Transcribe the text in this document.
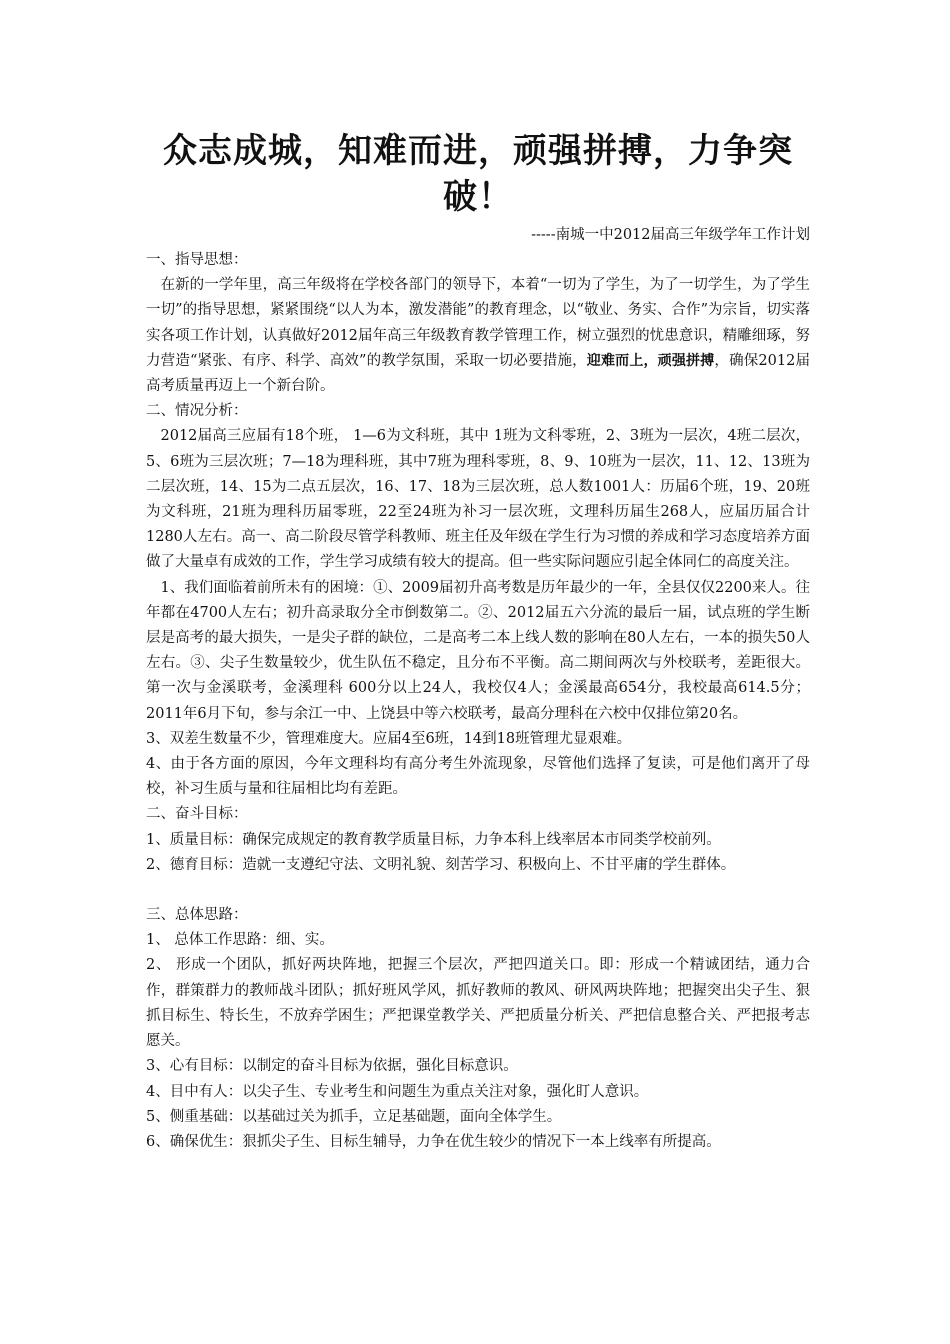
众志成城，知难而进，顽强拼搏，力争突破！
-----南城一中2012届高三年级学年工作计划

一、指导思想：

在新的一学年里，高三年级将在学校各部门的领导下，本着“一切为了学生，为了一切学生，为了学生一切”的指导思想，紧紧围绕“以人为本，激发潜能”的教育理念，以“敬业、务实、合作”为宗旨，切实落实各项工作计划，认真做好2012届年高三年级教育教学管理工作，树立强烈的忧患意识，精雕细琢，努力营造“紧张、有序、科学、高效”的教学氛围，采取一切必要措施，迎难而上，顽强拼搏，确保2012届高考质量再迈上一个新台阶。

二、情况分析：

2012届高三应届有18个班， 1—6为文科班，其中 1班为文科零班，2、3班为一层次，4班二层次，5、6班为三层次班；7—18为理科班，其中7班为理科零班，8、9、10班为一层次，11、12、13班为二层次班，14、15为二点五层次，16、17、18为三层次班，总人数1001人：历届6个班，19、20班为文科班，21班为理科历届零班，22至24班为补习一层次班，文理科历届生268人，应届历届合计1280人左右。高一、高二阶段尽管学科教师、班主任及年级在学生行为习惯的养成和学习态度培养方面做了大量卓有成效的工作，学生学习成绩有较大的提高。但一些实际问题应引起全体同仁的高度关注。

1、我们面临着前所未有的困境：①、2009届初升高考数是历年最少的一年，全县仅仅2200来人。往年都在4700人左右；初升高录取分全市倒数第二。②、2012届五六分流的最后一届，试点班的学生断层是高考的最大损失，一是尖子群的缺位，二是高考二本上线人数的影响在80人左右，一本的损失50人左右。③、尖子生数量较少，优生队伍不稳定，且分布不平衡。高二期间两次与外校联考，差距很大。第一次与金溪联考，金溪理科 600分以上24人，我校仅4人；金溪最高654分，我校最高614.5分；2011年6月下旬，参与余江一中、上饶县中等六校联考，最高分理科在六校中仅排位第20名。

3、双差生数量不少，管理难度大。应届4至6班，14到18班管理尤显艰难。

4、由于各方面的原因，今年文理科均有高分考生外流现象，尽管他们选择了复读，可是他们离开了母校，补习生质与量和往届相比均有差距。

二、奋斗目标：

1、质量目标：确保完成规定的教育教学质量目标，力争本科上线率居本市同类学校前列。

2、德育目标：造就一支遵纪守法、文明礼貌、刻苦学习、积极向上、不甘平庸的学生群体。

三、总体思路：

1、 总体工作思路：细、实。

2、 形成一个团队，抓好两块阵地，把握三个层次，严把四道关口。即：形成一个精诚团结，通力合作，群策群力的教师战斗团队；抓好班风学风，抓好教师的教风、研风两块阵地；把握突出尖子生、狠抓目标生、特长生，不放弃学困生；严把课堂教学关、严把质量分析关、严把信息整合关、严把报考志愿关。

3、心有目标：以制定的奋斗目标为依据，强化目标意识。

4、目中有人：以尖子生、专业考生和问题生为重点关注对象，强化盯人意识。

5、侧重基础：以基础过关为抓手，立足基础题，面向全体学生。

6、确保优生：狠抓尖子生、目标生辅导，力争在优生较少的情况下一本上线率有所提高。
